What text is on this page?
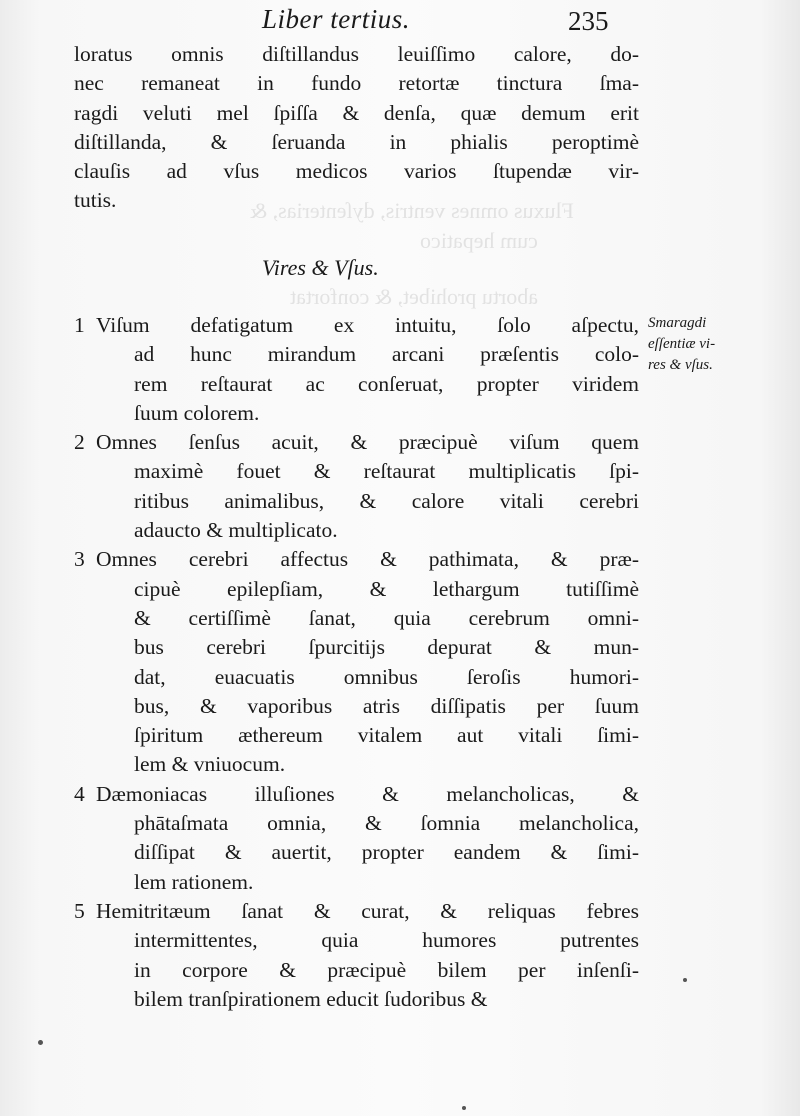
Fluxus omnes ventris, dyſenterias, &
cum hepatico
abortu prohibet, & confortat
Liber tertius.	235
loratus omnis diſtillandus leuiſſimo calore, do-
nec remaneat in fundo retortæ tinctura ſma-
ragdi veluti mel ſpiſſa & denſa, quæ demum erit
diſtillanda, & ſeruanda in phialis peroptimè
clauſis ad vſus medicos varios ſtupendæ vir-
tutis.
Vires & Vſus.
Smaragdi
eſſentiæ vi-
res & vſus.
1 Viſum defatigatum ex intuitu, ſolo aſpectu,
ad hunc mirandum arcani præſentis colo-
rem reſtaurat ac conſeruat, propter viridem
ſuum colorem.
2 Omnes ſenſus acuit, & præcipuè viſum quem
maximè fouet & reſtaurat multiplicatis ſpi-
ritibus animalibus, & calore vitali cerebri
adaucto & multiplicato.
3 Omnes cerebri affectus & pathimata, & præ-
cipuè epilepſiam, & lethargum tutiſſimè
& certiſſimè ſanat, quia cerebrum omni-
bus cerebri ſpurcitijs depurat & mun-
dat, euacuatis omnibus ſeroſis humori-
bus, & vaporibus atris diſſipatis per ſuum
ſpiritum æthereum vitalem aut vitali ſimi-
lem & vniuocum.
4 Dæmoniacas illuſiones & melancholicas, &
phātaſmata omnia, & ſomnia melancholica,
diſſipat & auertit, propter eandem & ſimi-
lem rationem.
5 Hemitritæum ſanat & curat, & reliquas febres
intermittentes, quia humores putrentes
in corpore & præcipuè bilem per inſenſi-
bilem tranſpirationem educit ſudoribus &
